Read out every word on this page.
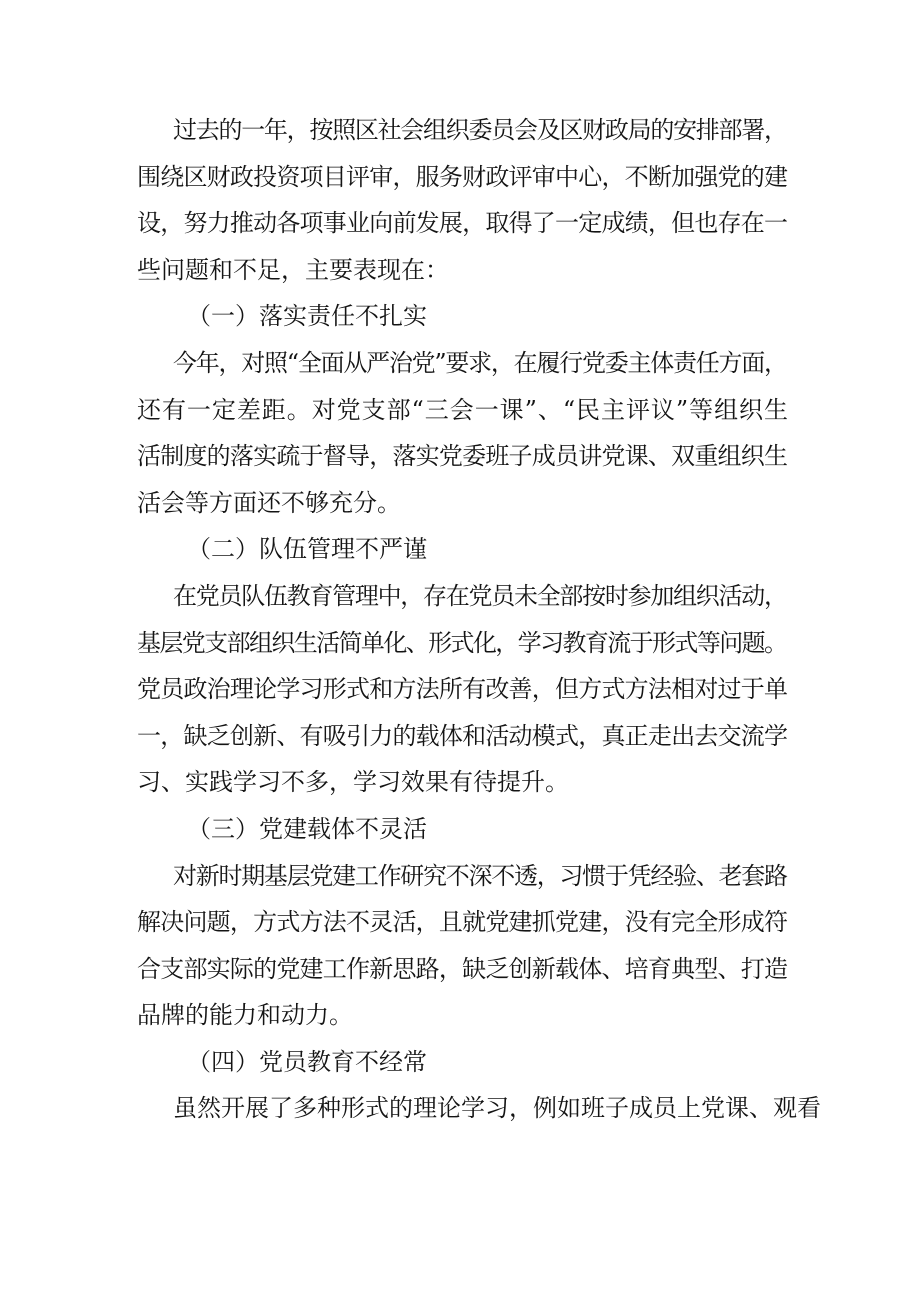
过去的一年，按照区社会组织委员会及区财政局的安排部署，
围绕区财政投资项目评审，服务财政评审中心，不断加强党的建
设，努力推动各项事业向前发展，取得了一定成绩，但也存在一
些问题和不足，主要表现在：
（一）落实责任不扎实
今年，对照“全面从严治党”要求，在履行党委主体责任方面，
还有一定差距。对党支部“三会一课”、“民主评议”等组织生
活制度的落实疏于督导，落实党委班子成员讲党课、双重组织生
活会等方面还不够充分。
（二）队伍管理不严谨
在党员队伍教育管理中，存在党员未全部按时参加组织活动，
基层党支部组织生活简单化、形式化，学习教育流于形式等问题。
党员政治理论学习形式和方法所有改善，但方式方法相对过于单
一，缺乏创新、有吸引力的载体和活动模式，真正走出去交流学
习、实践学习不多，学习效果有待提升。
（三）党建载体不灵活
对新时期基层党建工作研究不深不透，习惯于凭经验、老套路
解决问题，方式方法不灵活，且就党建抓党建，没有完全形成符
合支部实际的党建工作新思路，缺乏创新载体、培育典型、打造
品牌的能力和动力。
（四）党员教育不经常
虽然开展了多种形式的理论学习，例如班子成员上党课、观看
